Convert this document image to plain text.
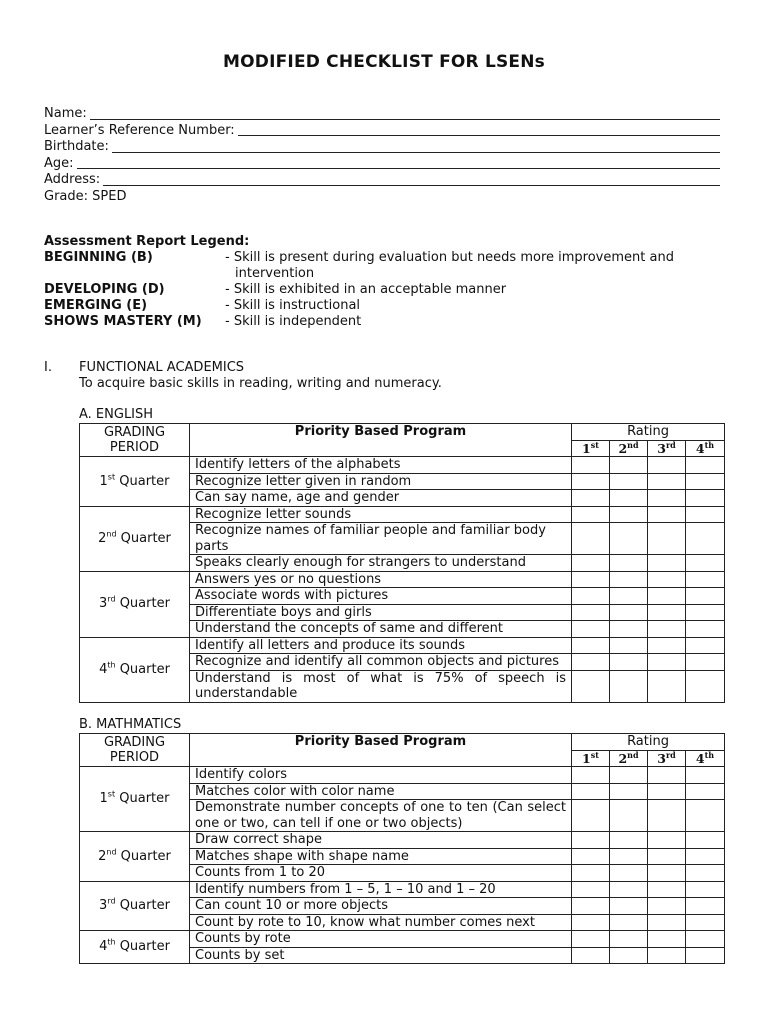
MODIFIED CHECKLIST FOR LSENs
Name:
Learner’s Reference Number:
Birthdate:
Age:
Address:
Grade: SPED
Assessment Report Legend:
BEGINNING (B)	- Skill is present during evaluation but needs more improvement and
intervention
DEVELOPING (D)	- Skill is exhibited in an acceptable manner
EMERGING (E)	- Skill is instructional
SHOWS MASTERY (M)	- Skill is independent
I.	FUNCTIONAL ACADEMICS
To acquire basic skills in reading, writing and numeracy.
A. ENGLISH
GRADING PERIOD	Priority Based Program	Rating			
		1st	2nd	3rd	4th
1st Quarter	Identify letters of the alphabets				
	Recognize letter given in random				
	Can say name, age and gender				
2nd Quarter	Recognize letter sounds				
	Recognize names of familiar people and familiar body parts				
	Speaks clearly enough for strangers to understand				
3rd Quarter	Answers yes or no questions				
	Associate words with pictures				
	Differentiate boys and girls				
	Understand the concepts of same and different				
4th Quarter	Identify all letters and produce its sounds				
	Recognize and identify all common objects and pictures				
	Understand is most of what is 75% of speech is understandable				
B. MATHMATICS
GRADING PERIOD	Priority Based Program	Rating			
		1st	2nd	3rd	4th
1st Quarter	Identify colors				
	Matches color with color name				
	Demonstrate number concepts of one to ten (Can select one or two, can tell if one or two objects)				
2nd Quarter	Draw correct shape				
	Matches shape with shape name				
	Counts from 1 to 20				
3rd Quarter	Identify numbers from 1 – 5, 1 – 10 and 1 – 20				
	Can count 10 or more objects				
	Count by rote to 10, know what number comes next				
4th Quarter	Counts by rote				
	Counts by set				
